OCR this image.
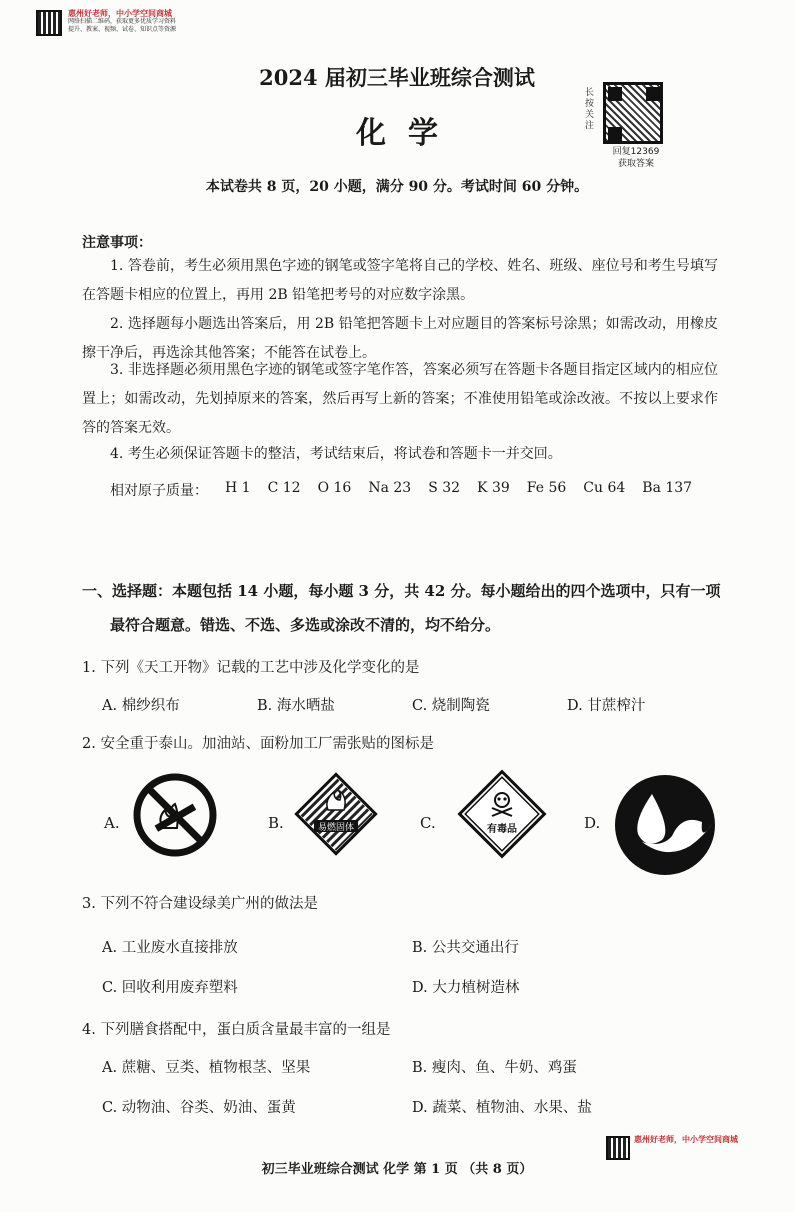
惠州好老师，中小学空间商城
网络扫描二维码，获取更多优质学习资料
提升、教案、视频、试卷、知识点等资源
长按关注
回复12369
获取答案
2024 届初三毕业班综合测试
化学
本试卷共 8 页，20 小题，满分 90 分。考试时间 60 分钟。
注意事项：
1. 答卷前，考生必须用黑色字迹的钢笔或签字笔将自己的学校、姓名、班级、座位号和考生号填写在答题卡相应的位置上，再用 2B 铅笔把考号的对应数字涂黑。
2. 选择题每小题选出答案后，用 2B 铅笔把答题卡上对应题目的答案标号涂黑；如需改动，用橡皮擦干净后，再选涂其他答案；不能答在试卷上。
3. 非选择题必须用黑色字迹的钢笔或签字笔作答，答案必须写在答题卡各题目指定区域内的相应位置上；如需改动，先划掉原来的答案，然后再写上新的答案；不准使用铅笔或涂改液。不按以上要求作答的答案无效。
4. 考生必须保证答题卡的整洁，考试结束后，将试卷和答题卡一并交回。
相对原子质量： H 1 C 12 O 16 Na 23 S 32 K 39 Fe 56 Cu 64 Ba 137
一、选择题：本题包括 14 小题，每小题 3 分，共 42 分。每小题给出的四个选项中，只有一项
最符合题意。错选、不选、多选或涂改不清的，均不给分。
1. 下列《天工开物》记载的工艺中涉及化学变化的是
A. 棉纱织布	B. 海水晒盐	C. 烧制陶瓷	D. 甘蔗榨汁
2. 安全重于泰山。加油站、面粉加工厂需张贴的图标是
A.	B.	易燃固体	C.	有毒品	D.
3. 下列不符合建设绿美广州的做法是
A. 工业废水直接排放	B. 公共交通出行
C. 回收利用废弃塑料	D. 大力植树造林
4. 下列膳食搭配中，蛋白质含量最丰富的一组是
A. 蔗糖、豆类、植物根茎、坚果	B. 瘦肉、鱼、牛奶、鸡蛋
C. 动物油、谷类、奶油、蛋黄	D. 蔬菜、植物油、水果、盐
初三毕业班综合测试 化学 第 1 页 （共 8 页）
惠州好老师，中小学空间商城
